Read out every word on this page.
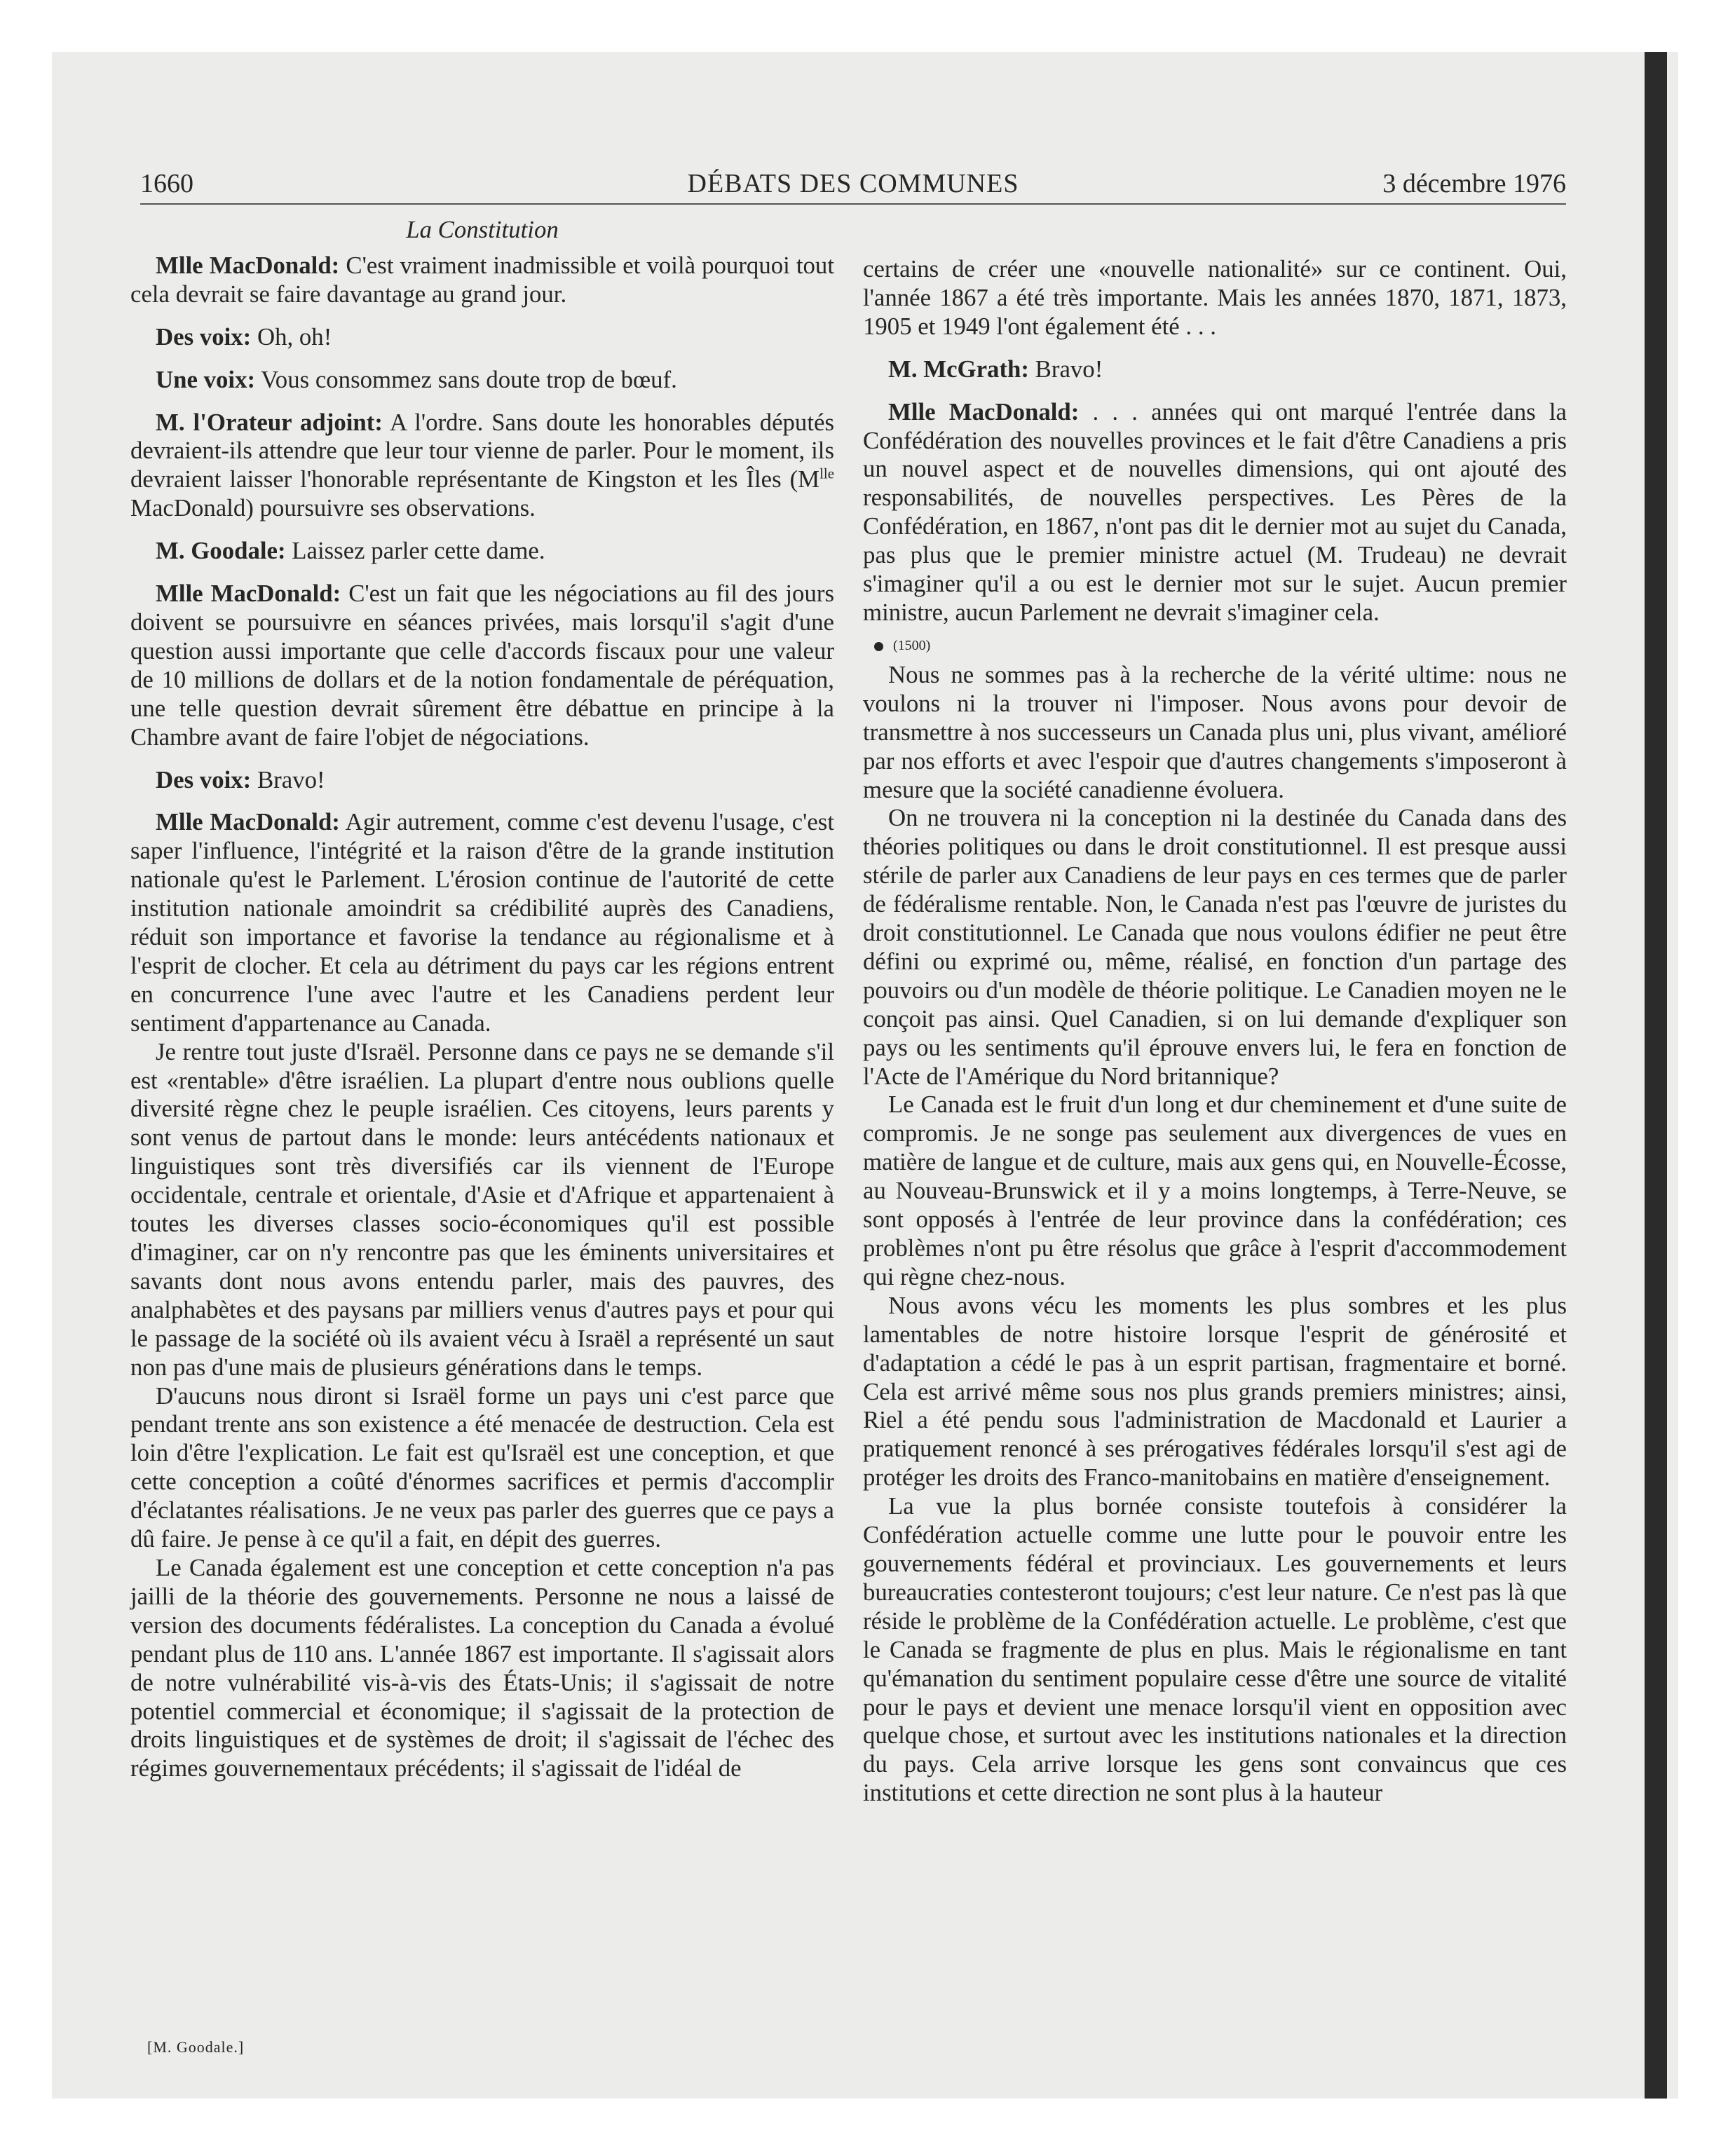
1660	DÉBATS DES COMMUNES	3 décembre 1976

La Constitution

Mlle MacDonald: C'est vraiment inadmissible et voilà pourquoi tout cela devrait se faire davantage au grand jour.

Des voix: Oh, oh!

Une voix: Vous consommez sans doute trop de bœuf.

M. l'Orateur adjoint: A l'ordre. Sans doute les honorables députés devraient-ils attendre que leur tour vienne de parler. Pour le moment, ils devraient laisser l'honorable représentante de Kingston et les Îles ($M^{lle}$ MacDonald) poursuivre ses observations.

M. Goodale: Laissez parler cette dame.

Mlle MacDonald: C'est un fait que les négociations au fil des jours doivent se poursuivre en séances privées, mais lorsqu'il s'agit d'une question aussi importante que celle d'accords fiscaux pour une valeur de 10 millions de dollars et de la notion fondamentale de péréquation, une telle question devrait sûrement être débattue en principe à la Chambre avant de faire l'objet de négociations.

Des voix: Bravo!

Mlle MacDonald: Agir autrement, comme c'est devenu l'usage, c'est saper l'influence, l'intégrité et la raison d'être de la grande institution nationale qu'est le Parlement. L'érosion continue de l'autorité de cette institution nationale amoindrit sa crédibilité auprès des Canadiens, réduit son importance et favorise la tendance au régionalisme et à l'esprit de clocher. Et cela au détriment du pays car les régions entrent en concurrence l'une avec l'autre et les Canadiens perdent leur sentiment d'appartenance au Canada.

Je rentre tout juste d'Israël. Personne dans ce pays ne se demande s'il est «rentable» d'être israélien. La plupart d'entre nous oublions quelle diversité règne chez le peuple israélien. Ces citoyens, leurs parents y sont venus de partout dans le monde: leurs antécédents nationaux et linguistiques sont très diversifiés car ils viennent de l'Europe occidentale, centrale et orientale, d'Asie et d'Afrique et appartenaient à toutes les diverses classes socio-économiques qu'il est possible d'imaginer, car on n'y rencontre pas que les éminents universitaires et savants dont nous avons entendu parler, mais des pauvres, des analphabètes et des paysans par milliers venus d'autres pays et pour qui le passage de la société où ils avaient vécu à Israël a représenté un saut non pas d'une mais de plusieurs générations dans le temps.

D'aucuns nous diront si Israël forme un pays uni c'est parce que pendant trente ans son existence a été menacée de destruction. Cela est loin d'être l'explication. Le fait est qu'Israël est une conception, et que cette conception a coûté d'énormes sacrifices et permis d'accomplir d'éclatantes réalisations. Je ne veux pas parler des guerres que ce pays a dû faire. Je pense à ce qu'il a fait, en dépit des guerres.

Le Canada également est une conception et cette conception n'a pas jailli de la théorie des gouvernements. Personne ne nous a laissé de version des documents fédéralistes. La conception du Canada a évolué pendant plus de 110 ans. L'année 1867 est importante. Il s'agissait alors de notre vulnérabilité vis-à-vis des États-Unis; il s'agissait de notre potentiel commercial et économique; il s'agissait de la protection de droits linguistiques et de systèmes de droit; il s'agissait de l'échec des régimes gouvernementaux précédents; il s'agissait de l'idéal de

certains de créer une «nouvelle nationalité» sur ce continent. Oui, l'année 1867 a été très importante. Mais les années 1870, 1871, 1873, 1905 et 1949 l'ont également été . . .

M. McGrath: Bravo!

Mlle MacDonald: . . . années qui ont marqué l'entrée dans la Confédération des nouvelles provinces et le fait d'être Canadiens a pris un nouvel aspect et de nouvelles dimensions, qui ont ajouté des responsabilités, de nouvelles perspectives. Les Pères de la Confédération, en 1867, n'ont pas dit le dernier mot au sujet du Canada, pas plus que le premier ministre actuel (M. Trudeau) ne devrait s'imaginer qu'il a ou est le dernier mot sur le sujet. Aucun premier ministre, aucun Parlement ne devrait s'imaginer cela.

(1500)

Nous ne sommes pas à la recherche de la vérité ultime: nous ne voulons ni la trouver ni l'imposer. Nous avons pour devoir de transmettre à nos successeurs un Canada plus uni, plus vivant, amélioré par nos efforts et avec l'espoir que d'autres changements s'imposeront à mesure que la société canadienne évoluera.

On ne trouvera ni la conception ni la destinée du Canada dans des théories politiques ou dans le droit constitutionnel. Il est presque aussi stérile de parler aux Canadiens de leur pays en ces termes que de parler de fédéralisme rentable. Non, le Canada n'est pas l'œuvre de juristes du droit constitutionnel. Le Canada que nous voulons édifier ne peut être défini ou exprimé ou, même, réalisé, en fonction d'un partage des pouvoirs ou d'un modèle de théorie politique. Le Canadien moyen ne le conçoit pas ainsi. Quel Canadien, si on lui demande d'expliquer son pays ou les sentiments qu'il éprouve envers lui, le fera en fonction de l'Acte de l'Amérique du Nord britannique?

Le Canada est le fruit d'un long et dur cheminement et d'une suite de compromis. Je ne songe pas seulement aux divergences de vues en matière de langue et de culture, mais aux gens qui, en Nouvelle-Écosse, au Nouveau-Brunswick et il y a moins longtemps, à Terre-Neuve, se sont opposés à l'entrée de leur province dans la confédération; ces problèmes n'ont pu être résolus que grâce à l'esprit d'accommodement qui règne chez-nous.

Nous avons vécu les moments les plus sombres et les plus lamentables de notre histoire lorsque l'esprit de générosité et d'adaptation a cédé le pas à un esprit partisan, fragmentaire et borné. Cela est arrivé même sous nos plus grands premiers ministres; ainsi, Riel a été pendu sous l'administration de Macdonald et Laurier a pratiquement renoncé à ses prérogatives fédérales lorsqu'il s'est agi de protéger les droits des Franco-manitobains en matière d'enseignement.

La vue la plus bornée consiste toutefois à considérer la Confédération actuelle comme une lutte pour le pouvoir entre les gouvernements fédéral et provinciaux. Les gouvernements et leurs bureaucraties contesteront toujours; c'est leur nature. Ce n'est pas là que réside le problème de la Confédération actuelle. Le problème, c'est que le Canada se fragmente de plus en plus. Mais le régionalisme en tant qu'émanation du sentiment populaire cesse d'être une source de vitalité pour le pays et devient une menace lorsqu'il vient en opposition avec quelque chose, et surtout avec les institutions nationales et la direction du pays. Cela arrive lorsque les gens sont convaincus que ces institutions et cette direction ne sont plus à la hauteur

[M. Goodale.]
